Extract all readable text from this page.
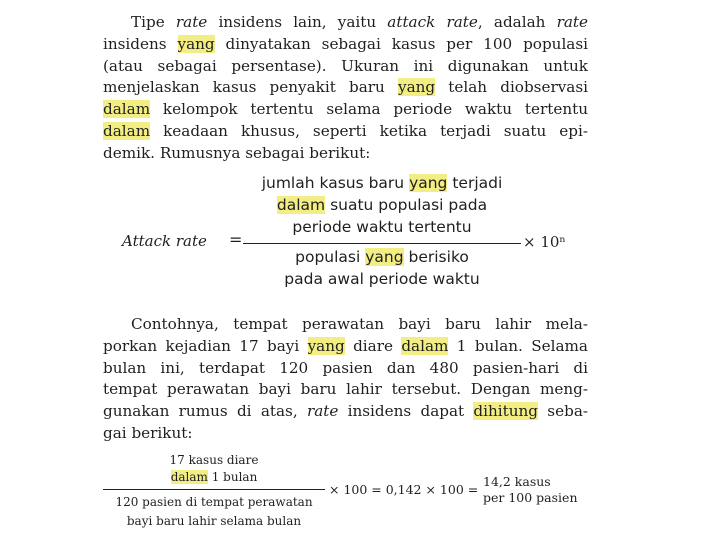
Tipe rate insidens lain, yaitu attack rate, adalah rate
insidens yang dinyatakan sebagai kasus per 100 populasi
(atau sebagai persentase). Ukuran ini digunakan untuk
menjelaskan kasus penyakit baru yang telah diobservasi
dalam kelompok tertentu selama periode waktu tertentu
dalam keadaan khusus, seperti ketika terjadi suatu epi-
demik. Rumusnya sebagai berikut:
jumlah kasus baru yang terjadi
dalam suatu populasi pada
periode waktu tertentu
Attack rate =	× 10ⁿ
populasi yang berisiko
pada awal periode waktu
Contohnya, tempat perawatan bayi baru lahir mela-
porkan kejadian 17 bayi yang diare dalam 1 bulan. Selama
bulan ini, terdapat 120 pasien dan 480 pasien-hari di
tempat perawatan bayi baru lahir tersebut. Dengan meng-
gunakan rumus di atas, rate insidens dapat dihitung seba-
gai berikut:
17 kasus diare
dalam 1 bulan
120 pasien di tempat perawatan
bayi baru lahir selama bulan
× 100 = 0,142 × 100 =
14,2 kasus
per 100 pasien
